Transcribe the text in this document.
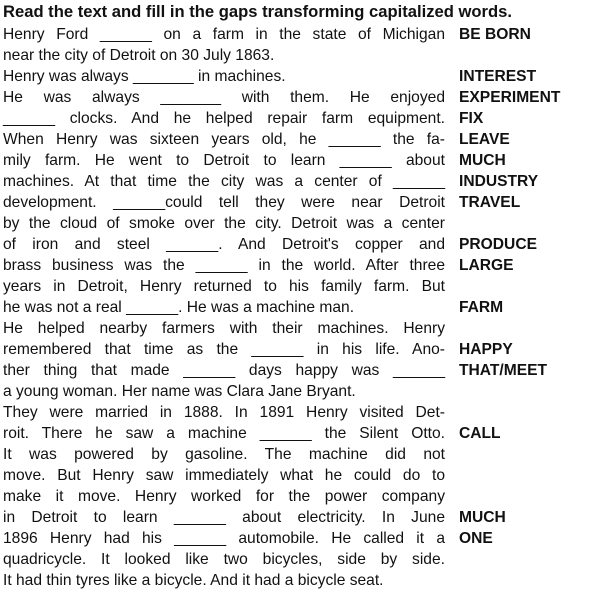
Read the text and fill in the gaps transforming capitalized words.
Henry Ford ______ on a farm in the state of Michigan
near the city of Detroit on 30 July 1863.
Henry was always _______ in machines.
He was always _______ with them. He enjoyed
______ clocks. And he helped repair farm equipment.
When Henry was sixteen years old, he ______ the fa-
mily farm. He went to Detroit to learn ______ about
machines. At that time the city was a center of ______
development. ______could tell they were near Detroit
by the cloud of smoke over the city. Detroit was a center
of iron and steel ______. And Detroit's copper and
brass business was the ______ in the world. After three
years in Detroit, Henry returned to his family farm. But
he was not a real ______. He was a machine man.
He helped nearby farmers with their machines. Henry
remembered that time as the ______ in his life. Ano-
ther thing that made ______ days happy was ______
a young woman. Her name was Clara Jane Bryant.
They were married in 1888. In 1891 Henry visited Det-
roit. There he saw a machine ______ the Silent Otto.
It was powered by gasoline. The machine did not
move. But Henry saw immediately what he could do to
make it move. Henry worked for the power company
in Detroit to learn ______ about electricity. In June
1896 Henry had his ______ automobile. He called it a
quadricycle. It looked like two bicycles, side by side.
It had thin tyres like a bicycle. And it had a bicycle seat.
BE BORN
INTEREST
EXPERIMENT
FIX
LEAVE
MUCH
INDUSTRY
TRAVEL
PRODUCE
LARGE
FARM
HAPPY
THAT/MEET
CALL
MUCH
ONE
